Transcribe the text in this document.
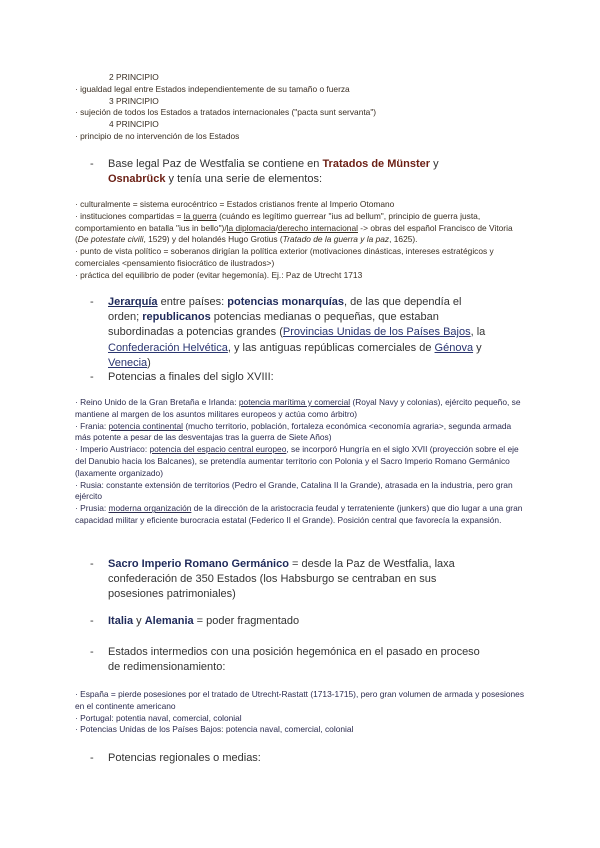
2 PRINCIPIO
· igualdad legal entre Estados independientemente de su tamaño o fuerza
3 PRINCIPIO
· sujeción de todos los Estados a tratados internacionales ("pacta sunt servanta")
4 PRINCIPIO
· principio de no intervención de los Estados
-	Base legal Paz de Westfalia se contiene en Tratados de Münster y Osnabrück y tenía una serie de elementos:
· culturalmente = sistema eurocéntrico = Estados cristianos frente al Imperio Otomano
· instituciones compartidas = la guerra (cuándo es legítimo guerrear "ius ad bellum", principio de guerra justa, comportamiento en batalla "ius in bello")/la diplomacia/derecho internacional -> obras del español Francisco de Vitoria (De potestate civili, 1529) y del holandés Hugo Grotius (Tratado de la guerra y la paz, 1625).
· punto de vista político = soberanos dirigían la política exterior (motivaciones dinásticas, intereses estratégicos y comerciales <pensamiento fisiocrático de ilustrados>)
· práctica del equilibrio de poder (evitar hegemonía). Ej.: Paz de Utrecht 1713
-	Jerarquía entre países: potencias monarquías, de las que dependía el orden; republicanos potencias medianas o pequeñas, que estaban subordinadas a potencias grandes (Provincias Unidas de los Países Bajos, la Confederación Helvética, y las antiguas repúblicas comerciales de Génova y Venecia)
-	Potencias a finales del siglo XVIII:
· Reino Unido de la Gran Bretaña e Irlanda: potencia marítima y comercial (Royal Navy y colonias), ejército pequeño, se mantiene al margen de los asuntos militares europeos y actúa como árbitro)
· Frania: potencia continental (mucho territorio, población, fortaleza económica <economía agraria>, segunda armada más potente a pesar de las desventajas tras la guerra de Siete Años)
· Imperio Austriaco: potencia del espacio central europeo, se incorporó Hungría en el siglo XVII (proyección sobre el eje del Danubio hacia los Balcanes), se pretendía aumentar territorio con Polonia y el Sacro Imperio Romano Germánico (laxamente organizado)
· Rusia: constante extensión de territorios (Pedro el Grande, Catalina II la Grande), atrasada en la industria, pero gran ejército
· Prusia: moderna organización de la dirección de la aristocracia feudal y terrateniente (junkers) que dio lugar a una gran capacidad militar y eficiente burocracia estatal (Federico II el Grande). Posición central que favorecía la expansión.
-	Sacro Imperio Romano Germánico = desde la Paz de Westfalia, laxa confederación de 350 Estados (los Habsburgo se centraban en sus posesiones patrimoniales)
-	Italia y Alemania = poder fragmentado
-	Estados intermedios con una posición hegemónica en el pasado en proceso de redimensionamiento:
· España = pierde posesiones por el tratado de Utrecht-Rastatt (1713-1715), pero gran volumen de armada y posesiones en el continente americano
· Portugal: potentia naval, comercial, colonial
· Potencias Unidas de los Países Bajos: potencia naval, comercial, colonial
-	Potencias regionales o medias:
